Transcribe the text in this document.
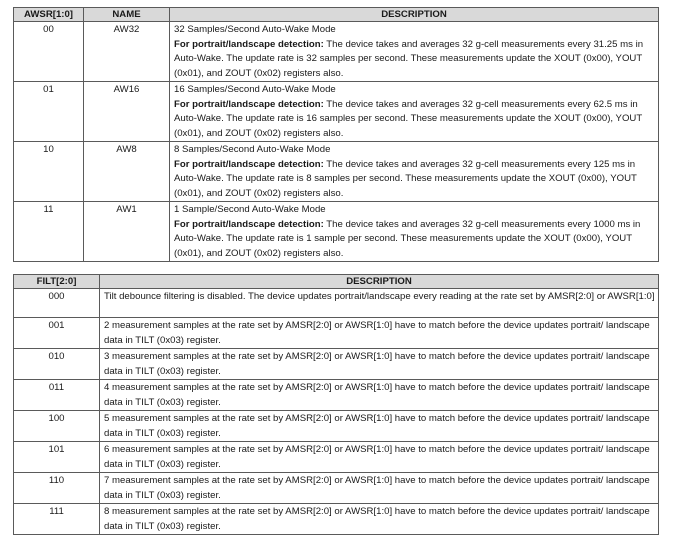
AWSR[1:0]	NAME	DESCRIPTION
00	AW32	32 Samples/Second Auto-Wake Mode
For portrait/landscape detection: The device takes and averages 32 g-cell measurements every 31.25 ms in Auto-Wake. The update rate is 32 samples per second. These measurements update the XOUT (0x00), YOUT (0x01), and ZOUT (0x02) registers also.
01	AW16	16 Samples/Second Auto-Wake Mode
For portrait/landscape detection: The device takes and averages 32 g-cell measurements every 62.5 ms in Auto-Wake. The update rate is 16 samples per second. These measurements update the XOUT (0x00), YOUT (0x01), and ZOUT (0x02) registers also.
10	AW8	8 Samples/Second Auto-Wake Mode
For portrait/landscape detection: The device takes and averages 32 g-cell measurements every 125 ms in Auto-Wake. The update rate is 8 samples per second. These measurements update the XOUT (0x00), YOUT (0x01), and ZOUT (0x02) registers also.
11	AW1	1 Sample/Second Auto-Wake Mode
For portrait/landscape detection: The device takes and averages 32 g-cell measurements every 1000 ms in Auto-Wake. The update rate is 1 sample per second. These measurements update the XOUT (0x00), YOUT (0x01), and ZOUT (0x02) registers also.
FILT[2:0]	DESCRIPTION
000	Tilt debounce filtering is disabled. The device updates portrait/landscape every reading at the rate set by AMSR[2:0] or AWSR[1:0]
001	2 measurement samples at the rate set by AMSR[2:0] or AWSR[1:0] have to match before the device updates portrait/ landscape data in TILT (0x03) register.
010	3 measurement samples at the rate set by AMSR[2:0] or AWSR[1:0] have to match before the device updates portrait/ landscape data in TILT (0x03) register.
011	4 measurement samples at the rate set by AMSR[2:0] or AWSR[1:0] have to match before the device updates portrait/ landscape data in TILT (0x03) register.
100	5 measurement samples at the rate set by AMSR[2:0] or AWSR[1:0] have to match before the device updates portrait/ landscape data in TILT (0x03) register.
101	6 measurement samples at the rate set by AMSR[2:0] or AWSR[1:0] have to match before the device updates portrait/ landscape data in TILT (0x03) register.
110	7 measurement samples at the rate set by AMSR[2:0] or AWSR[1:0] have to match before the device updates portrait/ landscape data in TILT (0x03) register.
111	8 measurement samples at the rate set by AMSR[2:0] or AWSR[1:0] have to match before the device updates portrait/ landscape data in TILT (0x03) register.
